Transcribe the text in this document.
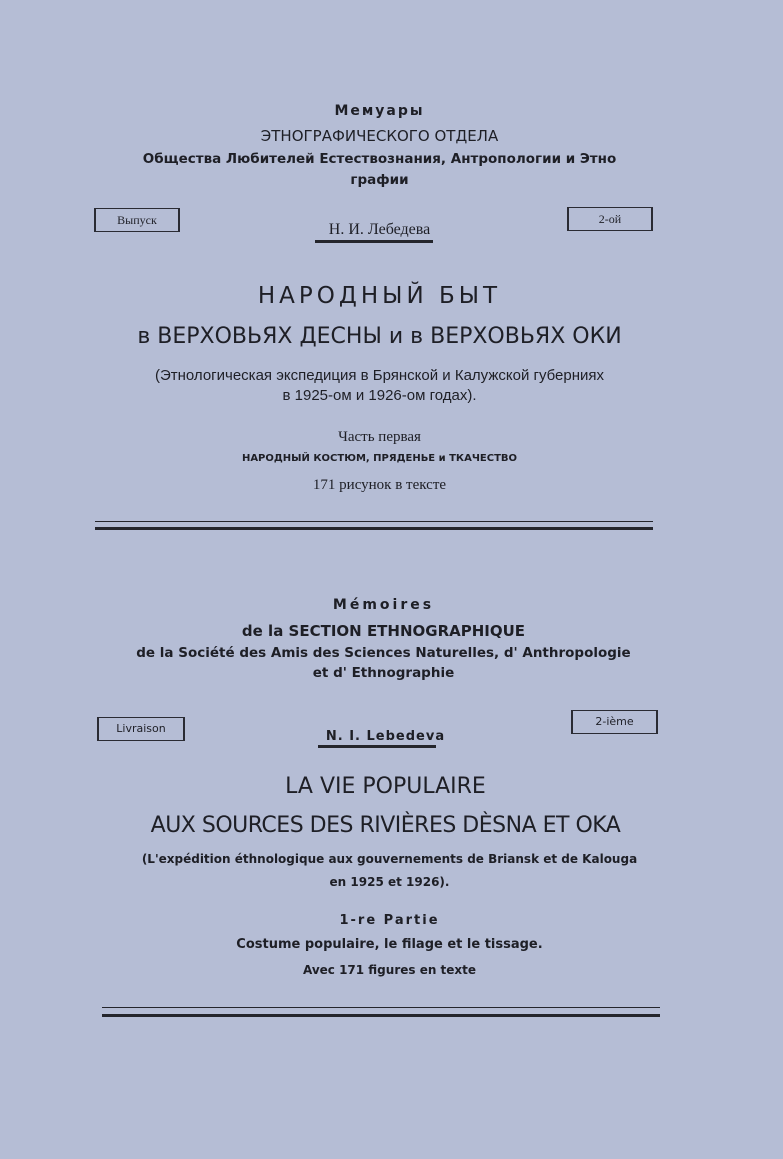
Мемуары
ЭТНОГРАФИЧЕСКОГО ОТДЕЛА
Общества Любителей Естествознания, Антропологии и Этно
графии
Выпуск
Н. И. Лебедева
2-ой
НАРОДНЫЙ БЫТ
в ВЕРХОВЬЯХ ДЕСНЫ и в ВЕРХОВЬЯХ ОКИ
(Этнологическая экспедиция в Брянской и Калужской губерниях
в 1925-ом и 1926-ом годах).
Часть первая
НАРОДНЫЙ КОСТЮМ, ПРЯДЕНЬЕ и ТКАЧЕСТВО
171 рисунок в тексте
Mémoires
de la SECTION ETHNOGRAPHIQUE
de la Société des Amis des Sciences Naturelles, d' Anthropologie
et d' Ethnographie
Livraison
N. I. Lebedeva
2-ième
LA VIE POPULAIRE
AUX SOURCES DES RIVIÈRES DÈSNA ET OKA
(L'expédition éthnologique aux gouvernements de Briansk et de Kalouga
en 1925 et 1926).
1-re Partie
Costume populaire, le filage et le tissage.
Avec 171 figures en texte
